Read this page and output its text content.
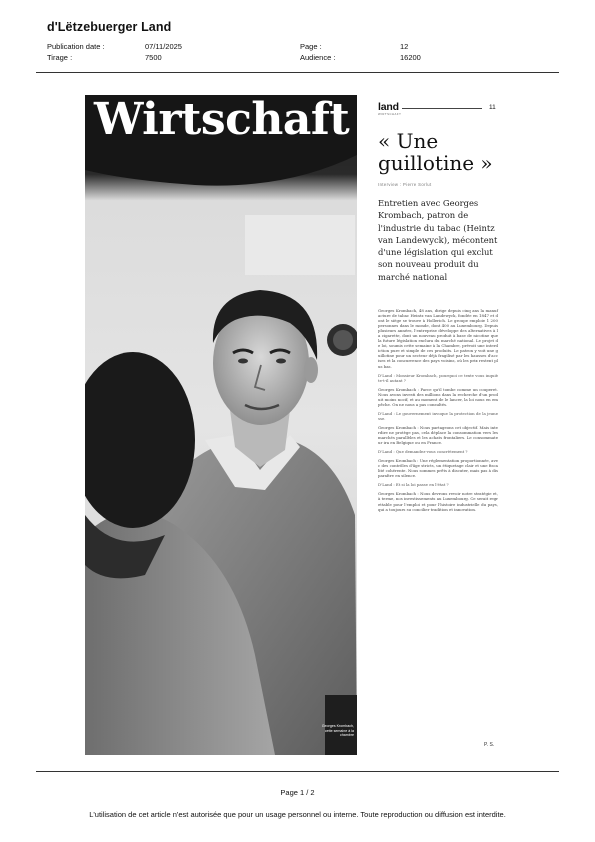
d'Lëtzebuerger Land
Publication date :	07/11/2025	Page :	12
Tirage :	7500	Audience :	16200
Wirtschaft
Georges Krombach, cette semaine à la chambre
land
WIRTSCHAFT
11
« Une guillotine »
Interview : Pierre Sorlut
Entretien avec Georges Krombach, patron de l'industrie du tabac (Heintz van Landewyck), mécontent d'une législation qui exclut son nouveau produit du marché national

Georges Krombach, 48 ans, dirige depuis cinq ans la manufacture de tabac Heintz van Landewyck, fondée en 1847 et dont le siège se trouve à Hollerich. Le groupe emploie 1 200 personnes dans le monde, dont 400 au Luxembourg. Depuis plusieurs années, l'entreprise développe des alternatives à la cigarette, dont un nouveau produit à base de nicotine que la future législation exclura du marché national. Le projet de loi, soumis cette semaine à la Chambre, prévoit une interdiction pure et simple de ces produits. Le patron y voit une guillotine pour un secteur déjà fragilisé par les hausses d'accises et la concurrence des pays voisins, où les prix restent plus bas.

D'Land : Monsieur Krombach, pourquoi ce texte vous inquiète-t-il autant ?

Georges Krombach : Parce qu'il tombe comme un couperet. Nous avons investi des millions dans la recherche d'un produit moins nocif, et au moment de le lancer, la loi nous en empêche. On ne nous a pas consultés.

D'Land : Le gouvernement invoque la protection de la jeunesse.

Georges Krombach : Nous partageons cet objectif. Mais interdire ne protège pas, cela déplace la consommation vers les marchés parallèles et les achats frontaliers. Le consommateur ira en Belgique ou en France.

D'Land : Que demandez-vous concrètement ?

Georges Krombach : Une réglementation proportionnée, avec des contrôles d'âge stricts, un étiquetage clair et une fiscalité cohérente. Nous sommes prêts à discuter, mais pas à disparaître en silence.

D'Land : Et si la loi passe en l'état ?

Georges Krombach : Nous devrons revoir notre stratégie et, à terme, nos investissements au Luxembourg. Ce serait regrettable pour l'emploi et pour l'histoire industrielle du pays, qui a toujours su concilier tradition et innovation.

P. S.
Page 1 / 2
L'utilisation de cet article n'est autorisée que pour un usage personnel ou interne. Toute reproduction ou diffusion est interdite.
